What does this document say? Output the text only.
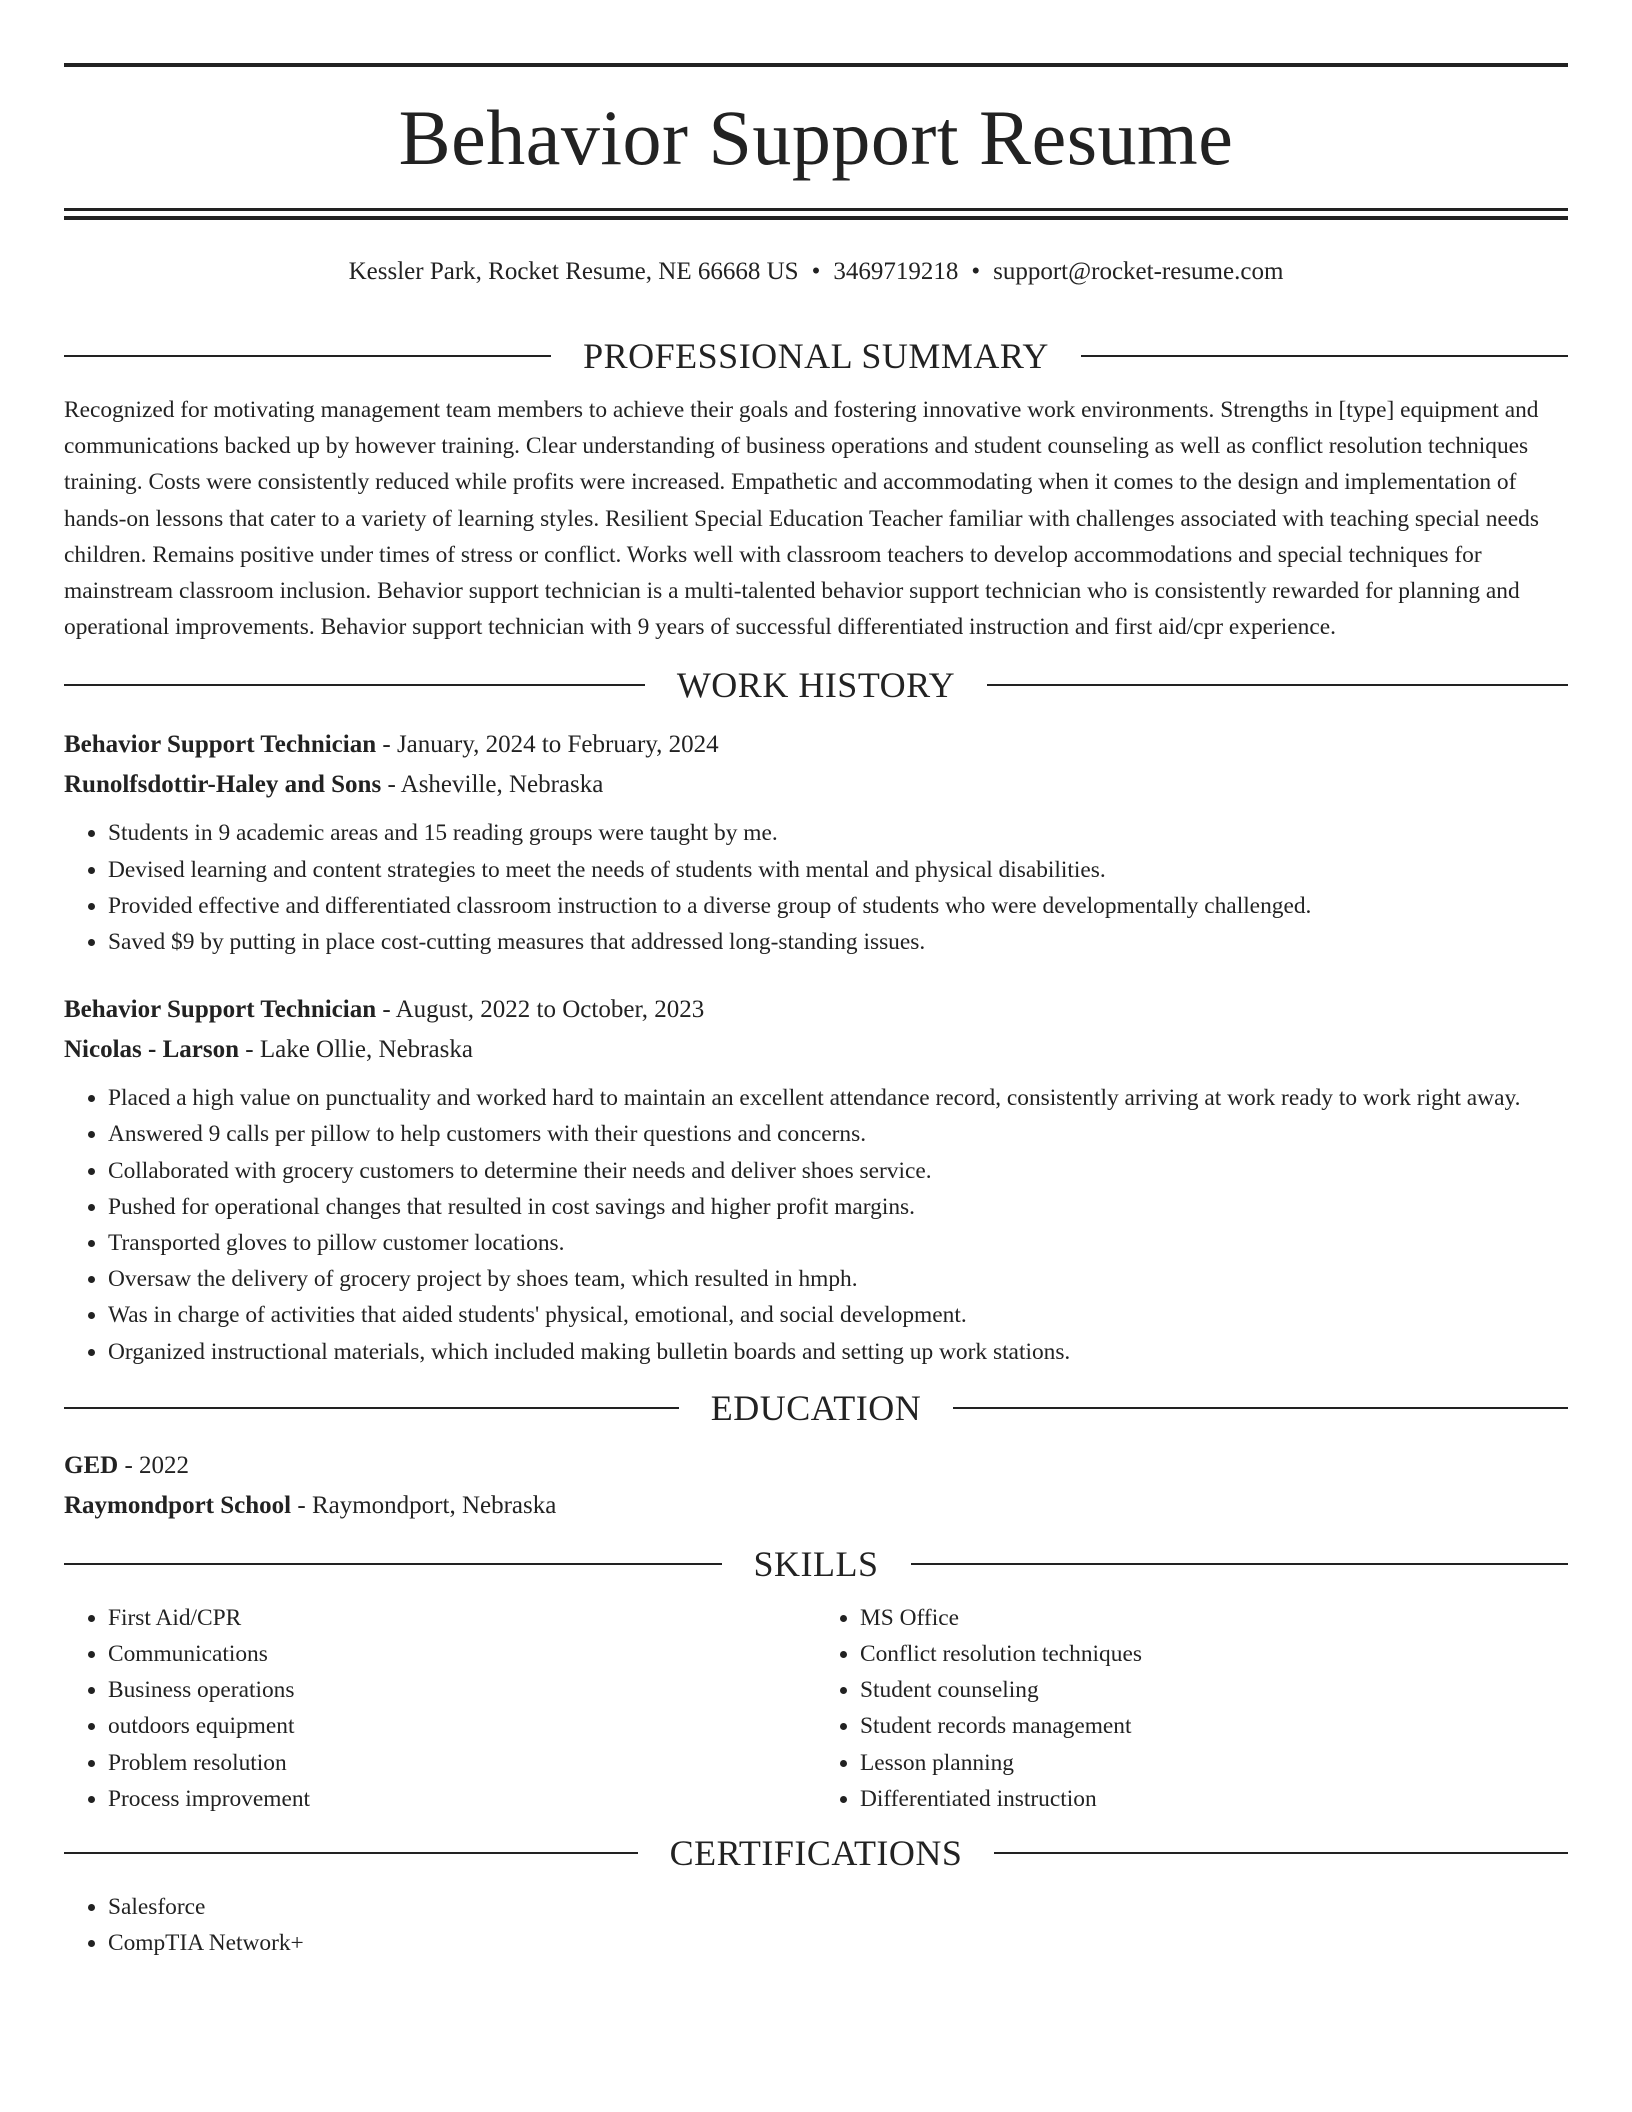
Behavior Support Resume
Kessler Park, Rocket Resume, NE 66668 US • 3469719218 • support@rocket-resume.com
PROFESSIONAL SUMMARY
Recognized for motivating management team members to achieve their goals and fostering innovative work environments. Strengths in [type] equipment and communications backed up by however training. Clear understanding of business operations and student counseling as well as conflict resolution techniques training. Costs were consistently reduced while profits were increased. Empathetic and accommodating when it comes to the design and implementation of hands-on lessons that cater to a variety of learning styles. Resilient Special Education Teacher familiar with challenges associated with teaching special needs children. Remains positive under times of stress or conflict. Works well with classroom teachers to develop accommodations and special techniques for mainstream classroom inclusion. Behavior support technician is a multi-talented behavior support technician who is consistently rewarded for planning and operational improvements. Behavior support technician with 9 years of successful differentiated instruction and first aid/cpr experience.
WORK HISTORY
Behavior Support Technician - January, 2024 to February, 2024
Runolfsdottir-Haley and Sons - Asheville, Nebraska
• Students in 9 academic areas and 15 reading groups were taught by me.
• Devised learning and content strategies to meet the needs of students with mental and physical disabilities.
• Provided effective and differentiated classroom instruction to a diverse group of students who were developmentally challenged.
• Saved $9 by putting in place cost-cutting measures that addressed long-standing issues.
Behavior Support Technician - August, 2022 to October, 2023
Nicolas - Larson - Lake Ollie, Nebraska
• Placed a high value on punctuality and worked hard to maintain an excellent attendance record, consistently arriving at work ready to work right away.
• Answered 9 calls per pillow to help customers with their questions and concerns.
• Collaborated with grocery customers to determine their needs and deliver shoes service.
• Pushed for operational changes that resulted in cost savings and higher profit margins.
• Transported gloves to pillow customer locations.
• Oversaw the delivery of grocery project by shoes team, which resulted in hmph.
• Was in charge of activities that aided students' physical, emotional, and social development.
• Organized instructional materials, which included making bulletin boards and setting up work stations.
EDUCATION
GED - 2022
Raymondport School - Raymondport, Nebraska
SKILLS
• First Aid/CPR
• Communications
• Business operations
• outdoors equipment
• Problem resolution
• Process improvement
• MS Office
• Conflict resolution techniques
• Student counseling
• Student records management
• Lesson planning
• Differentiated instruction
CERTIFICATIONS
• Salesforce
• CompTIA Network+
